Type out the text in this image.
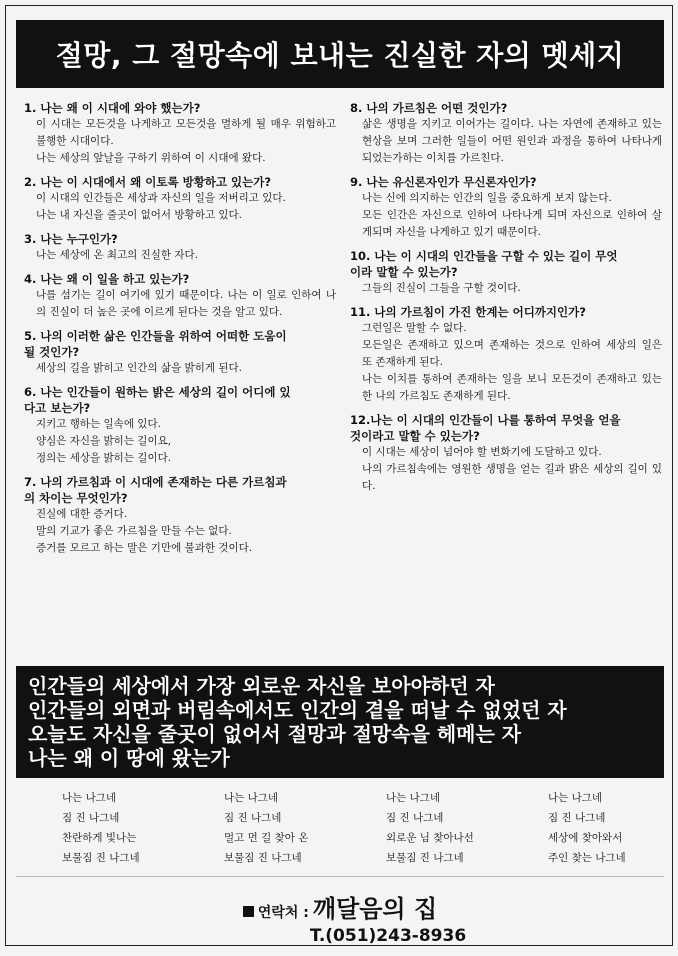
절망, 그 절망속에 보내는 진실한 자의 멧세지
1. 나는 왜 이 시대에 와야 했는가?
이 시대는 모든것을 나게하고 모든것을 멸하게 될 매우 위험하고 불행한 시대이다.
나는 세상의 앞날을 구하기 위하여 이 시대에 왔다.
2. 나는 이 시대에서 왜 이토록 방황하고 있는가?
이 시대의 인간들은 세상과 자신의 일을 저버리고 있다.
나는 내 자신을 줄곳이 없어서 방황하고 있다.
3. 나는 누구인가?
나는 세상에 온 최고의 진실한 자다.
4. 나는 왜 이 일을 하고 있는가?
나를 섬기는 길이 여기에 있기 때문이다. 나는 이 일로 인하여 나의 진실이 더 높은 곳에 이르게 된다는 것을 알고 있다.
5. 나의 이러한 삶은 인간들을 위하여 어떠한 도움이
될 것인가?
세상의 길을 밝히고 인간의 삶을 밝히게 된다.
6. 나는 인간들이 원하는 밝은 세상의 길이 어디에 있
다고 보는가?
지키고 행하는 일속에 있다.
양심은 자신을 밝히는 길이요,
정의는 세상을 밝히는 길이다.
7. 나의 가르침과 이 시대에 존재하는 다른 가르침과
의 차이는 무엇인가?
진실에 대한 증거다.
말의 기교가 좋은 가르침을 만들 수는 없다.
증거를 모르고 하는 말은 기만에 불과한 것이다.
8. 나의 가르침은 어떤 것인가?
삶은 생명을 지키고 이어가는 길이다. 나는 자연에 존재하고 있는 현상을 보며 그러한 일들이 어떤 원인과 과정을 통하여 나타나게 되었는가하는 이치를 가르친다.
9. 나는 유신론자인가 무신론자인가?
나는 신에 의지하는 인간의 일을 중요하게 보지 않는다.
모든 인간은 자신으로 인하여 나타나게 되며 자신으로 인하여 살게되며 자신을 나게하고 있기 때문이다.
10. 나는 이 시대의 인간들을 구할 수 있는 길이 무엇
이라 말할 수 있는가?
그들의 진실이 그들을 구할 것이다.
11. 나의 가르침이 가진 한계는 어디까지인가?
그런일은 말할 수 없다.
모든일은 존재하고 있으며 존재하는 것으로 인하여 세상의 일은 또 존재하게 된다.
나는 이치를 통하여 존재하는 일을 보니 모든것이 존재하고 있는 한 나의 가르침도 존재하게 된다.
12.나는 이 시대의 인간들이 나를 통하여 무엇을 얻을
것이라고 말할 수 있는가?
이 시대는 세상이 넘어야 할 변화기에 도달하고 있다.
나의 가르침속에는 영원한 생명을 얻는 길과 밝은 세상의 길이 있다.
인간들의 세상에서 가장 외로운 자신을 보아야하던 자
인간들의 외면과 버림속에서도 인간의 곁을 떠날 수 없었던 자
오늘도 자신을 줄곳이 없어서 절망과 절망속을 헤메는 자
나는 왜 이 땅에 왔는가
나는 나그네
짐 진 나그네
찬란하게 빛나는
보물짐 진 나그네
나는 나그네
짐 진 나그네
멀고 먼 길 찾아 온
보물짐 진 나그네
나는 나그네
짐 진 나그네
외로운 님 찾아나선
보물짐 진 나그네
나는 나그네
짐 진 나그네
세상에 찾아와서
주인 찾는 나그네
연락처 : 깨달음의 집
T.(051)243-8936
